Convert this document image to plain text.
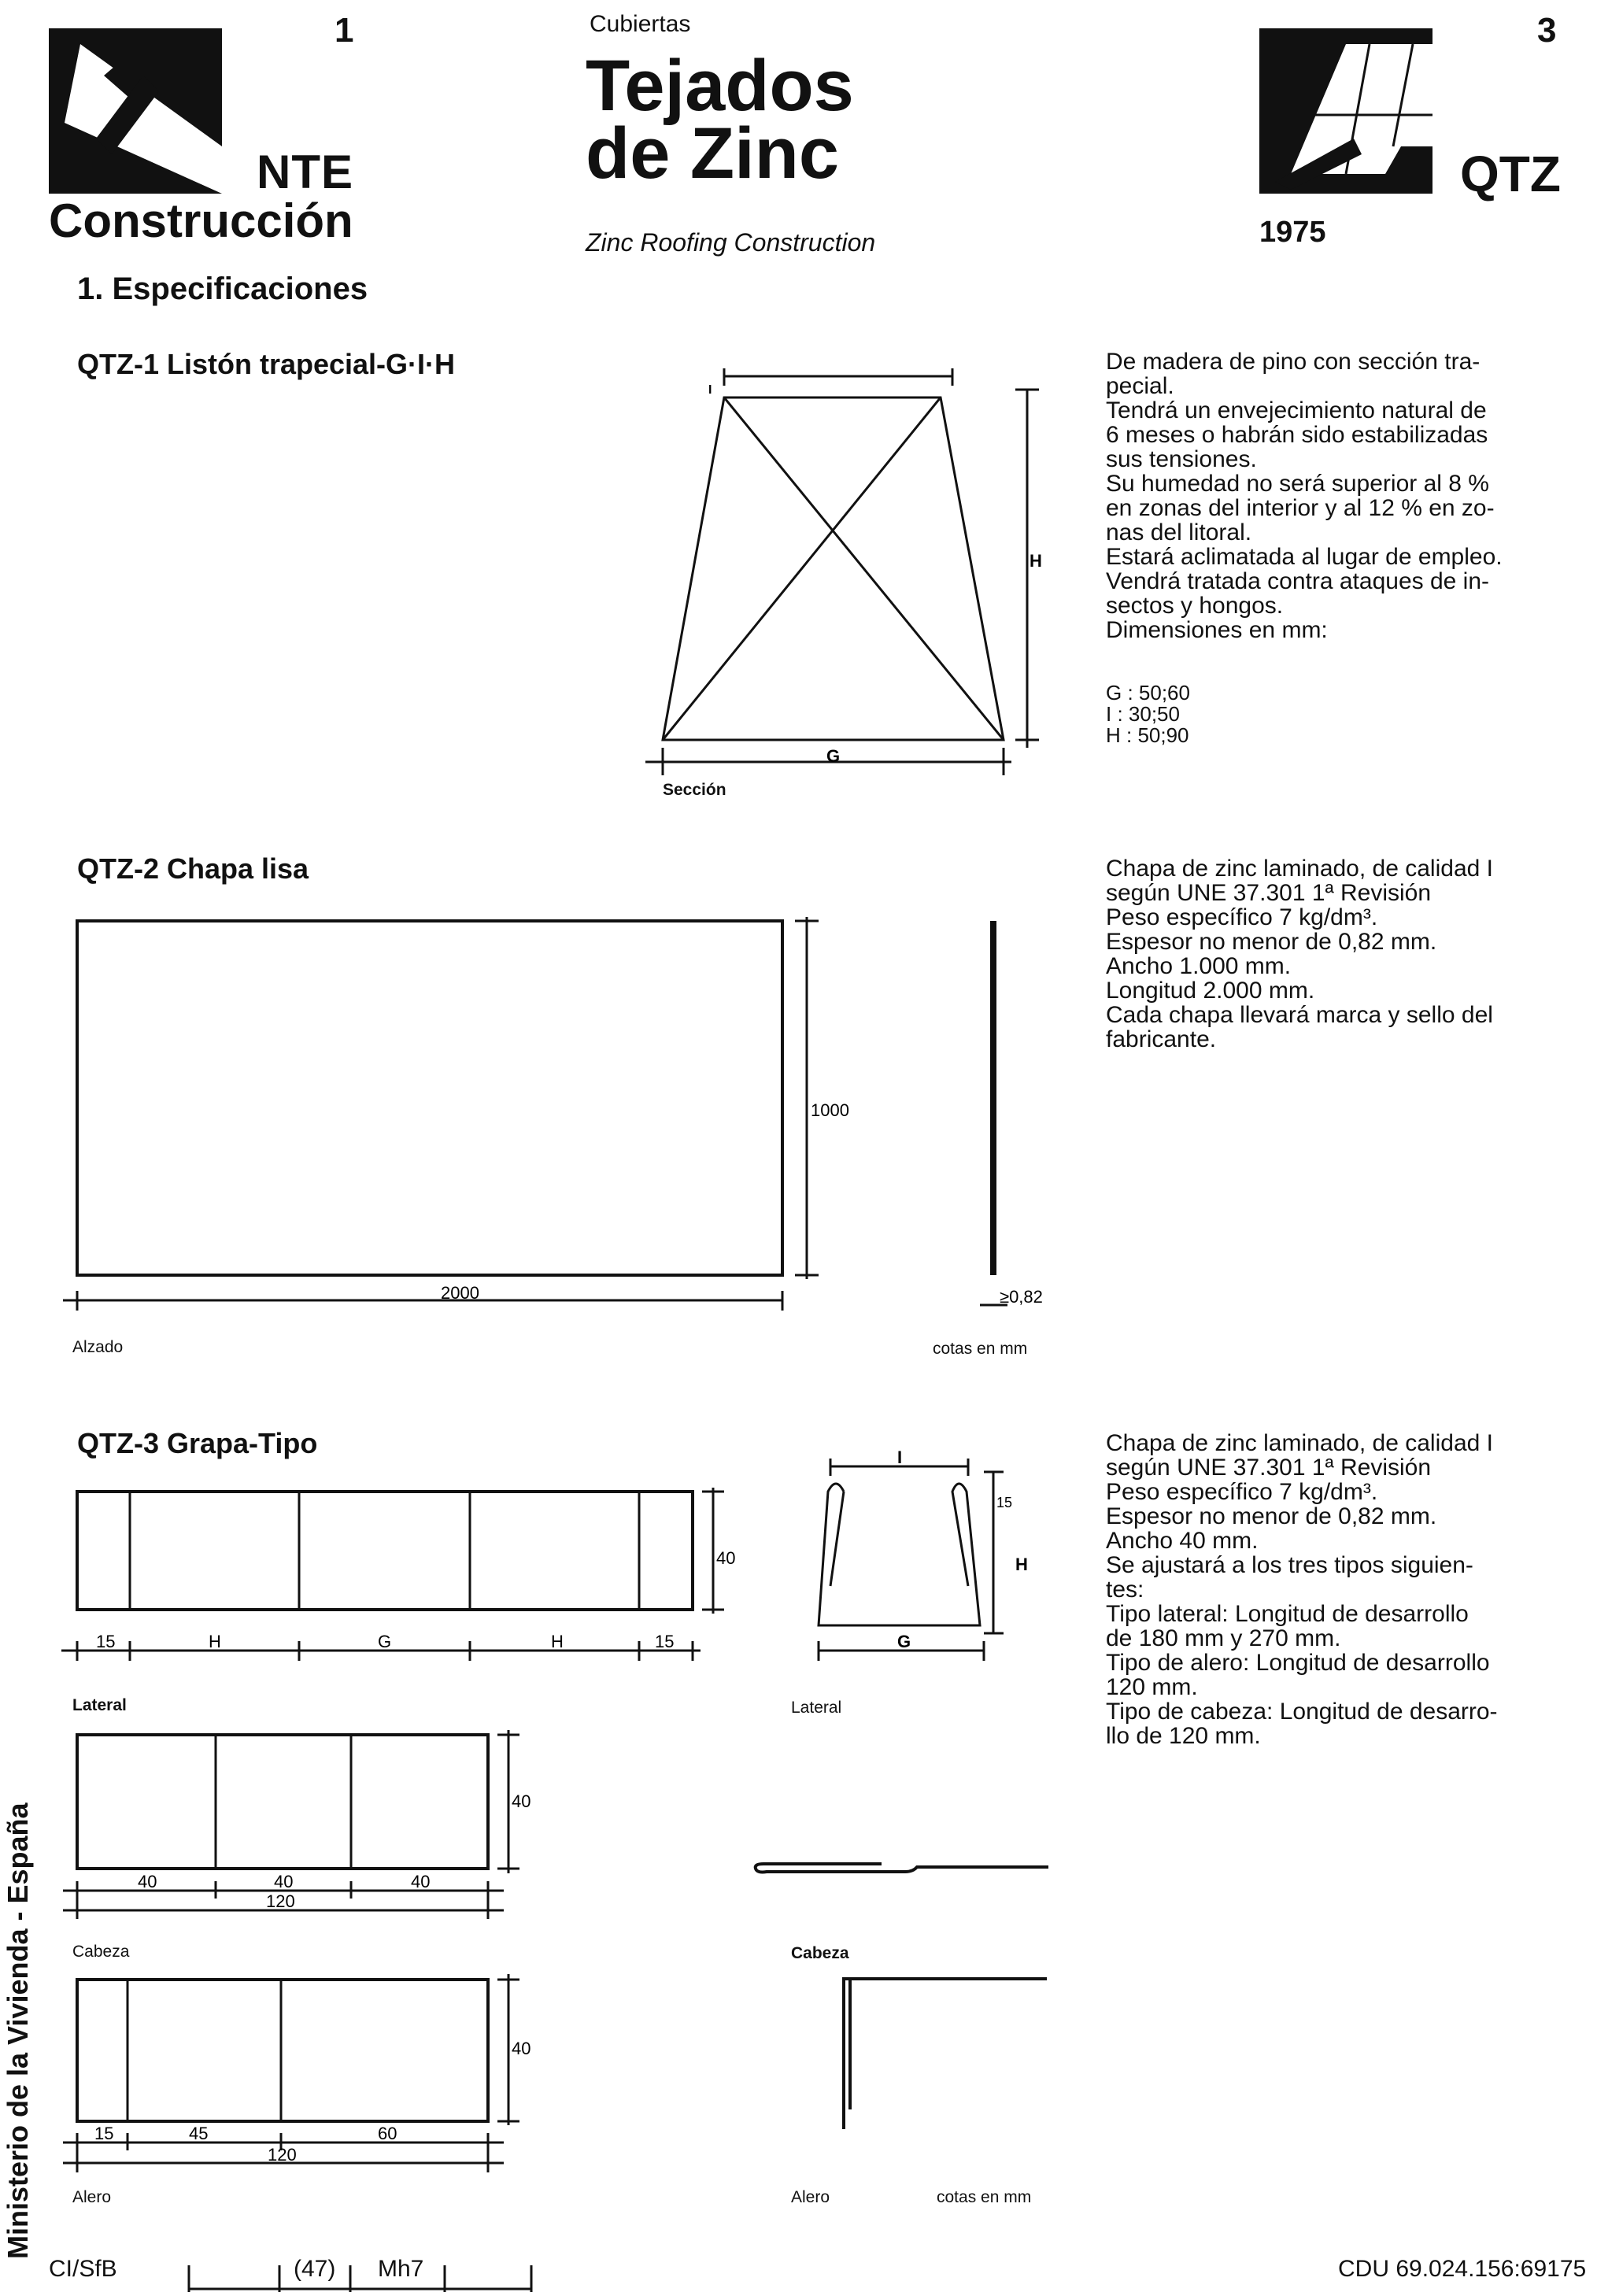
1
NTE
Construcción
Cubiertas
Tejados
de Zinc
Zinc Roofing Construction
3
QTZ
1975
1. Especificaciones
QTZ-1 Listón trapecial-G·I·H
G
H
I
Sección
De madera de pino con sección tra-
pecial.
Tendrá un envejecimiento natural de
6 meses o habrán sido estabilizadas
sus tensiones.
Su humedad no será superior al 8 %
en zonas del interior y al 12 % en zo-
nas del litoral.
Estará aclimatada al lugar de empleo.
Vendrá tratada contra ataques de in-
sectos y hongos.
Dimensiones en mm:
G : 50;60
I : 30;50
H : 50;90
QTZ-2 Chapa lisa
1000
2000	≥0,82
Alzado	cotas en mm
Chapa de zinc laminado, de calidad I
según UNE 37.301 1ª Revisión
Peso específico 7 kg/dm³.
Espesor no menor de 0,82 mm.
Ancho 1.000 mm.
Longitud 2.000 mm.
Cada chapa llevará marca y sello del
fabricante.
QTZ-3 Grapa-Tipo
15	H	G	H	15
40
Lateral
I
15
H
G
Lateral
40	40	40
120
40
Cabeza	Cabeza
15	45	60
120
40
Alero	Alero	cotas en mm
Chapa de zinc laminado, de calidad I
según UNE 37.301 1ª Revisión
Peso específico 7 kg/dm³.
Espesor no menor de 0,82 mm.
Ancho 40 mm.
Se ajustará a los tres tipos siguien-
tes:
Tipo lateral: Longitud de desarrollo
de 180 mm y 270 mm.
Tipo de alero: Longitud de desarrollo
120 mm.
Tipo de cabeza: Longitud de desarro-
llo de 120 mm.
Ministerio de la Vivienda - España
CI/SfB	(47) Mh7	CDU 69.024.156:69175
